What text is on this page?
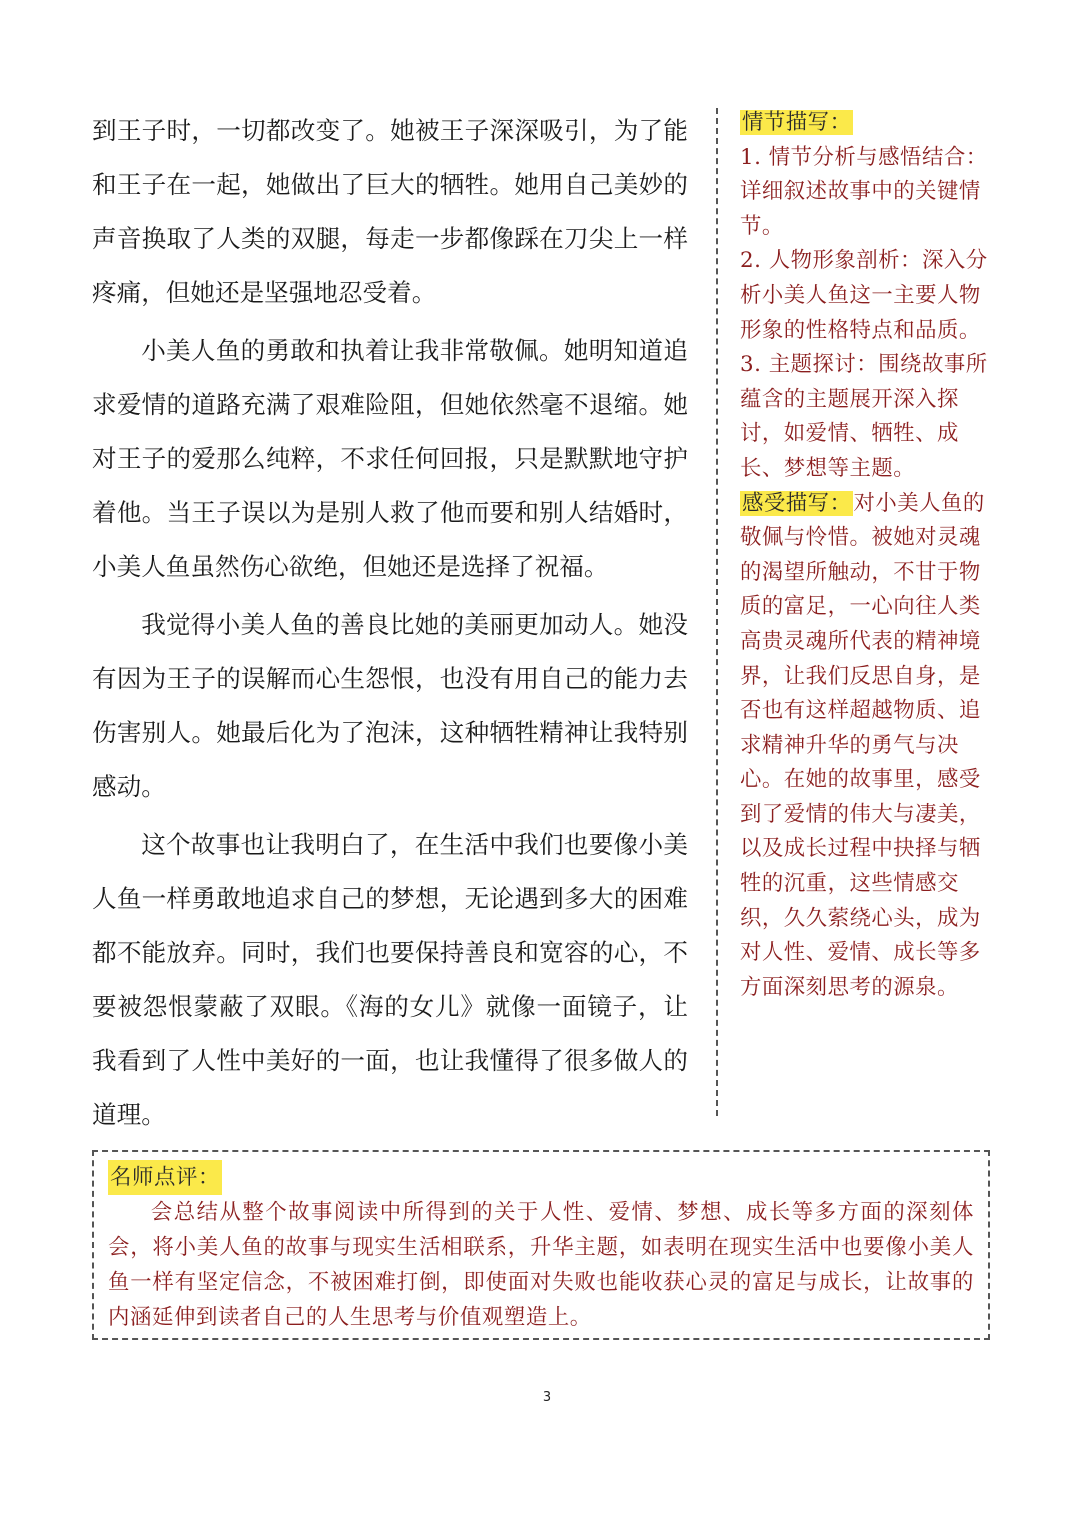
到王子时，一切都改变了。她被王子深深吸引，为了能和王子在一起，她做出了巨大的牺牲。她用自己美妙的声音换取了人类的双腿，每走一步都像踩在刀尖上一样疼痛，但她还是坚强地忍受着。

小美人鱼的勇敢和执着让我非常敬佩。她明知道追求爱情的道路充满了艰难险阻，但她依然毫不退缩。她对王子的爱那么纯粹，不求任何回报，只是默默地守护着他。当王子误以为是别人救了他而要和别人结婚时，小美人鱼虽然伤心欲绝，但她还是选择了祝福。

我觉得小美人鱼的善良比她的美丽更加动人。她没有因为王子的误解而心生怨恨，也没有用自己的能力去伤害别人。她最后化为了泡沫，这种牺牲精神让我特别感动。

这个故事也让我明白了，在生活中我们也要像小美人鱼一样勇敢地追求自己的梦想，无论遇到多大的困难都不能放弃。同时，我们也要保持善良和宽容的心，不要被怨恨蒙蔽了双眼。《海的女儿》就像一面镜子，让我看到了人性中美好的一面，也让我懂得了很多做人的道理。

情节描写：

1. 情节分析与感悟结合：详细叙述故事中的关键情节。

2. 人物形象剖析：深入分析小美人鱼这一主要人物形象的性格特点和品质。

3. 主题探讨：围绕故事所蕴含的主题展开深入探讨，如爱情、牺牲、成长、梦想等主题。

感受描写：对小美人鱼的敬佩与怜惜。被她对灵魂的渴望所触动，不甘于物质的富足，一心向往人类高贵灵魂所代表的精神境界，让我们反思自身，是否也有这样超越物质、追求精神升华的勇气与决心。在她的故事里，感受到了爱情的伟大与凄美，以及成长过程中抉择与牺牲的沉重，这些情感交织，久久萦绕心头，成为对人性、爱情、成长等多方面深刻思考的源泉。

名师点评：

会总结从整个故事阅读中所得到的关于人性、爱情、梦想、成长等多方面的深刻体会，将小美人鱼的故事与现实生活相联系，升华主题，如表明在现实生活中也要像小美人鱼一样有坚定信念，不被困难打倒，即使面对失败也能收获心灵的富足与成长，让故事的内涵延伸到读者自己的人生思考与价值观塑造上。

3
